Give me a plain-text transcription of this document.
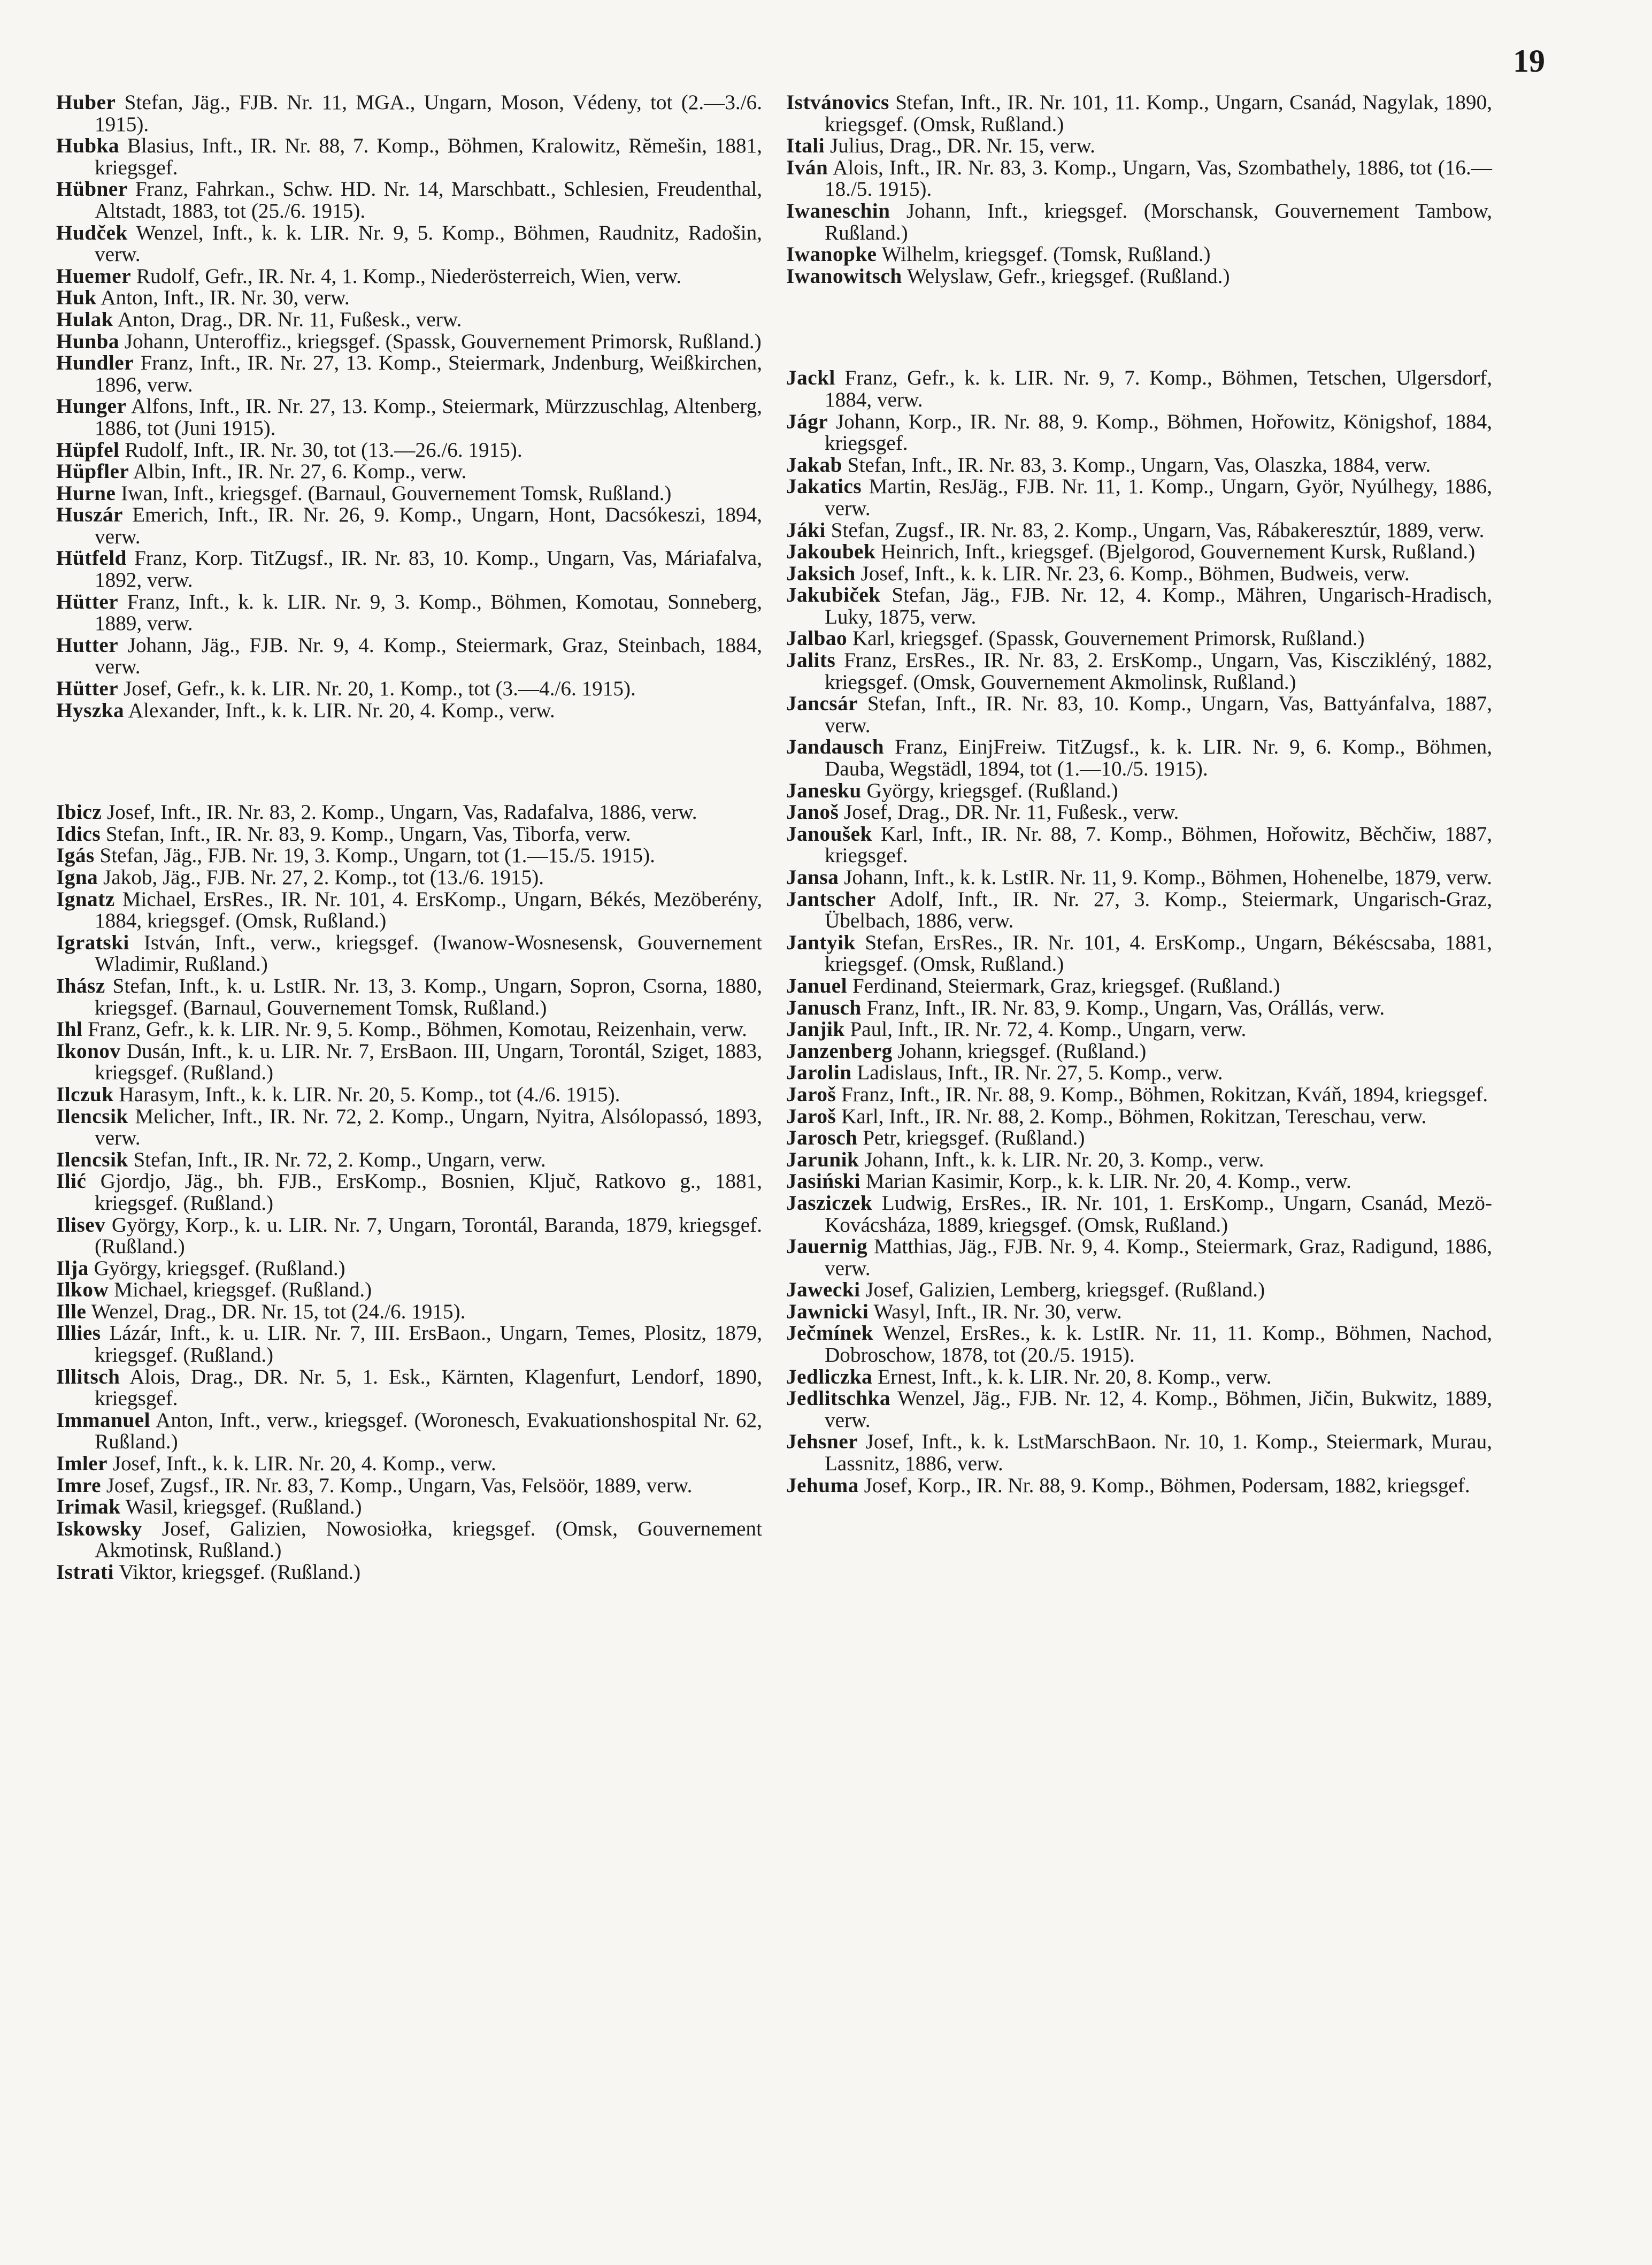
19

Huber Stefan, Jäg., FJB. Nr. 11, MGA., Ungarn, Moson, Védeny, tot (2.—3./6. 1915).

Hubka Blasius, Inft., IR. Nr. 88, 7. Komp., Böhmen, Kralowitz, Rĕmešin, 1881, kriegsgef.

Hübner Franz, Fahrkan., Schw. HD. Nr. 14, Marschbatt., Schlesien, Freudenthal, Altstadt, 1883, tot (25./6. 1915).

Hudček Wenzel, Inft., k. k. LIR. Nr. 9, 5. Komp., Böhmen, Raudnitz, Radošin, verw.

Huemer Rudolf, Gefr., IR. Nr. 4, 1. Komp., Niederösterreich, Wien, verw.

Huk Anton, Inft., IR. Nr. 30, verw.

Hulak Anton, Drag., DR. Nr. 11, Fußesk., verw.

Hunba Johann, Unteroffiz., kriegsgef. (Spassk, Gouvernement Primorsk, Rußland.)

Hundler Franz, Inft., IR. Nr. 27, 13. Komp., Steiermark, Jndenburg, Weißkirchen, 1896, verw.

Hunger Alfons, Inft., IR. Nr. 27, 13. Komp., Steiermark, Mürzzuschlag, Altenberg, 1886, tot (Juni 1915).

Hüpfel Rudolf, Inft., IR. Nr. 30, tot (13.—26./6. 1915).

Hüpfler Albin, Inft., IR. Nr. 27, 6. Komp., verw.

Hurne Iwan, Inft., kriegsgef. (Barnaul, Gouvernement Tomsk, Rußland.)

Huszár Emerich, Inft., IR. Nr. 26, 9. Komp., Ungarn, Hont, Dacsókeszi, 1894, verw.

Hütfeld Franz, Korp. TitZugsf., IR. Nr. 83, 10. Komp., Ungarn, Vas, Máriafalva, 1892, verw.

Hütter Franz, Inft., k. k. LIR. Nr. 9, 3. Komp., Böhmen, Komotau, Sonneberg, 1889, verw.

Hutter Johann, Jäg., FJB. Nr. 9, 4. Komp., Steiermark, Graz, Steinbach, 1884, verw.

Hütter Josef, Gefr., k. k. LIR. Nr. 20, 1. Komp., tot (3.—4./6. 1915).

Hyszka Alexander, Inft., k. k. LIR. Nr. 20, 4. Komp., verw.

Ibicz Josef, Inft., IR. Nr. 83, 2. Komp., Ungarn, Vas, Radafalva, 1886, verw.

Idics Stefan, Inft., IR. Nr. 83, 9. Komp., Ungarn, Vas, Tiborfa, verw.

Igás Stefan, Jäg., FJB. Nr. 19, 3. Komp., Ungarn, tot (1.—15./5. 1915).

Igna Jakob, Jäg., FJB. Nr. 27, 2. Komp., tot (13./6. 1915).

Ignatz Michael, ErsRes., IR. Nr. 101, 4. ErsKomp., Ungarn, Békés, Mezöberény, 1884, kriegsgef. (Omsk, Rußland.)

Igratski István, Inft., verw., kriegsgef. (Iwanow-Wosnesensk, Gouvernement Wladimir, Rußland.)

Ihász Stefan, Inft., k. u. LstIR. Nr. 13, 3. Komp., Ungarn, Sopron, Csorna, 1880, kriegsgef. (Barnaul, Gouvernement Tomsk, Rußland.)

Ihl Franz, Gefr., k. k. LIR. Nr. 9, 5. Komp., Böhmen, Komotau, Reizenhain, verw.

Ikonov Dusán, Inft., k. u. LIR. Nr. 7, ErsBaon. III, Ungarn, Torontál, Sziget, 1883, kriegsgef. (Rußland.)

Ilczuk Harasym, Inft., k. k. LIR. Nr. 20, 5. Komp., tot (4./6. 1915).

Ilencsik Melicher, Inft., IR. Nr. 72, 2. Komp., Ungarn, Nyitra, Alsólopassó, 1893, verw.

Ilencsik Stefan, Inft., IR. Nr. 72, 2. Komp., Ungarn, verw.

Ilić Gjordjo, Jäg., bh. FJB., ErsKomp., Bosnien, Ključ, Ratkovo g., 1881, kriegsgef. (Rußland.)

Ilisev György, Korp., k. u. LIR. Nr. 7, Ungarn, Torontál, Baranda, 1879, kriegsgef. (Rußland.)

Ilja György, kriegsgef. (Rußland.)

Ilkow Michael, kriegsgef. (Rußland.)

Ille Wenzel, Drag., DR. Nr. 15, tot (24./6. 1915).

Illies Lázár, Inft., k. u. LIR. Nr. 7, III. ErsBaon., Ungarn, Temes, Plositz, 1879, kriegsgef. (Rußland.)

Illitsch Alois, Drag., DR. Nr. 5, 1. Esk., Kärnten, Klagenfurt, Lendorf, 1890, kriegsgef.

Immanuel Anton, Inft., verw., kriegsgef. (Woronesch, Evakuationshospital Nr. 62, Rußland.)

Imler Josef, Inft., k. k. LIR. Nr. 20, 4. Komp., verw.

Imre Josef, Zugsf., IR. Nr. 83, 7. Komp., Ungarn, Vas, Felsöör, 1889, verw.

Irimak Wasil, kriegsgef. (Rußland.)

Iskowsky Josef, Galizien, Nowosiołka, kriegsgef. (Omsk, Gouvernement Akmotinsk, Rußland.)

Istrati Viktor, kriegsgef. (Rußland.)

Istvánovics Stefan, Inft., IR. Nr. 101, 11. Komp., Ungarn, Csanád, Nagylak, 1890, kriegsgef. (Omsk, Rußland.)

Itali Julius, Drag., DR. Nr. 15, verw.

Iván Alois, Inft., IR. Nr. 83, 3. Komp., Ungarn, Vas, Szombathely, 1886, tot (16.—18./5. 1915).

Iwaneschin Johann, Inft., kriegsgef. (Morschansk, Gouvernement Tambow, Rußland.)

Iwanopke Wilhelm, kriegsgef. (Tomsk, Rußland.)

Iwanowitsch Welyslaw, Gefr., kriegsgef. (Rußland.)

Jackl Franz, Gefr., k. k. LIR. Nr. 9, 7. Komp., Böhmen, Tetschen, Ulgersdorf, 1884, verw.

Jágr Johann, Korp., IR. Nr. 88, 9. Komp., Böhmen, Hořowitz, Königshof, 1884, kriegsgef.

Jakab Stefan, Inft., IR. Nr. 83, 3. Komp., Ungarn, Vas, Olaszka, 1884, verw.

Jakatics Martin, ResJäg., FJB. Nr. 11, 1. Komp., Ungarn, Györ, Nyúlhegy, 1886, verw.

Jáki Stefan, Zugsf., IR. Nr. 83, 2. Komp., Ungarn, Vas, Rábakeresztúr, 1889, verw.

Jakoubek Heinrich, Inft., kriegsgef. (Bjelgorod, Gouvernement Kursk, Rußland.)

Jaksich Josef, Inft., k. k. LIR. Nr. 23, 6. Komp., Böhmen, Budweis, verw.

Jakubiček Stefan, Jäg., FJB. Nr. 12, 4. Komp., Mähren, Ungarisch-Hradisch, Luky, 1875, verw.

Jalbao Karl, kriegsgef. (Spassk, Gouvernement Primorsk, Rußland.)

Jalits Franz, ErsRes., IR. Nr. 83, 2. ErsKomp., Ungarn, Vas, Kisczikléný, 1882, kriegsgef. (Omsk, Gouvernement Akmolinsk, Rußland.)

Jancsár Stefan, Inft., IR. Nr. 83, 10. Komp., Ungarn, Vas, Battyánfalva, 1887, verw.

Jandausch Franz, EinjFreiw. TitZugsf., k. k. LIR. Nr. 9, 6. Komp., Böhmen, Dauba, Wegstädl, 1894, tot (1.—10./5. 1915).

Janesku György, kriegsgef. (Rußland.)

Janoš Josef, Drag., DR. Nr. 11, Fußesk., verw.

Janoušek Karl, Inft., IR. Nr. 88, 7. Komp., Böhmen, Hořowitz, Běchčiw, 1887, kriegsgef.

Jansa Johann, Inft., k. k. LstIR. Nr. 11, 9. Komp., Böhmen, Hohenelbe, 1879, verw.

Jantscher Adolf, Inft., IR. Nr. 27, 3. Komp., Steiermark, Ungarisch-Graz, Übelbach, 1886, verw.

Jantyik Stefan, ErsRes., IR. Nr. 101, 4. ErsKomp., Ungarn, Békéscsaba, 1881, kriegsgef. (Omsk, Rußland.)

Januel Ferdinand, Steiermark, Graz, kriegsgef. (Rußland.)

Janusch Franz, Inft., IR. Nr. 83, 9. Komp., Ungarn, Vas, Orállás, verw.

Janjik Paul, Inft., IR. Nr. 72, 4. Komp., Ungarn, verw.

Janzenberg Johann, kriegsgef. (Rußland.)

Jarolin Ladislaus, Inft., IR. Nr. 27, 5. Komp., verw.

Jaroš Franz, Inft., IR. Nr. 88, 9. Komp., Böhmen, Rokitzan, Kváň, 1894, kriegsgef.

Jaroš Karl, Inft., IR. Nr. 88, 2. Komp., Böhmen, Rokitzan, Tereschau, verw.

Jarosch Petr, kriegsgef. (Rußland.)

Jarunik Johann, Inft., k. k. LIR. Nr. 20, 3. Komp., verw.

Jasiński Marian Kasimir, Korp., k. k. LIR. Nr. 20, 4. Komp., verw.

Jasziczek Ludwig, ErsRes., IR. Nr. 101, 1. ErsKomp., Ungarn, Csanád, Mezö-Kovácsháza, 1889, kriegsgef. (Omsk, Rußland.)

Jauernig Matthias, Jäg., FJB. Nr. 9, 4. Komp., Steiermark, Graz, Radigund, 1886, verw.

Jawecki Josef, Galizien, Lemberg, kriegsgef. (Rußland.)

Jawnicki Wasyl, Inft., IR. Nr. 30, verw.

Ječmínek Wenzel, ErsRes., k. k. LstIR. Nr. 11, 11. Komp., Böhmen, Nachod, Dobroschow, 1878, tot (20./5. 1915).

Jedliczka Ernest, Inft., k. k. LIR. Nr. 20, 8. Komp., verw.

Jedlitschka Wenzel, Jäg., FJB. Nr. 12, 4. Komp., Böhmen, Jičin, Bukwitz, 1889, verw.

Jehsner Josef, Inft., k. k. LstMarschBaon. Nr. 10, 1. Komp., Steiermark, Murau, Lassnitz, 1886, verw.

Jehuma Josef, Korp., IR. Nr. 88, 9. Komp., Böhmen, Podersam, 1882, kriegsgef.
